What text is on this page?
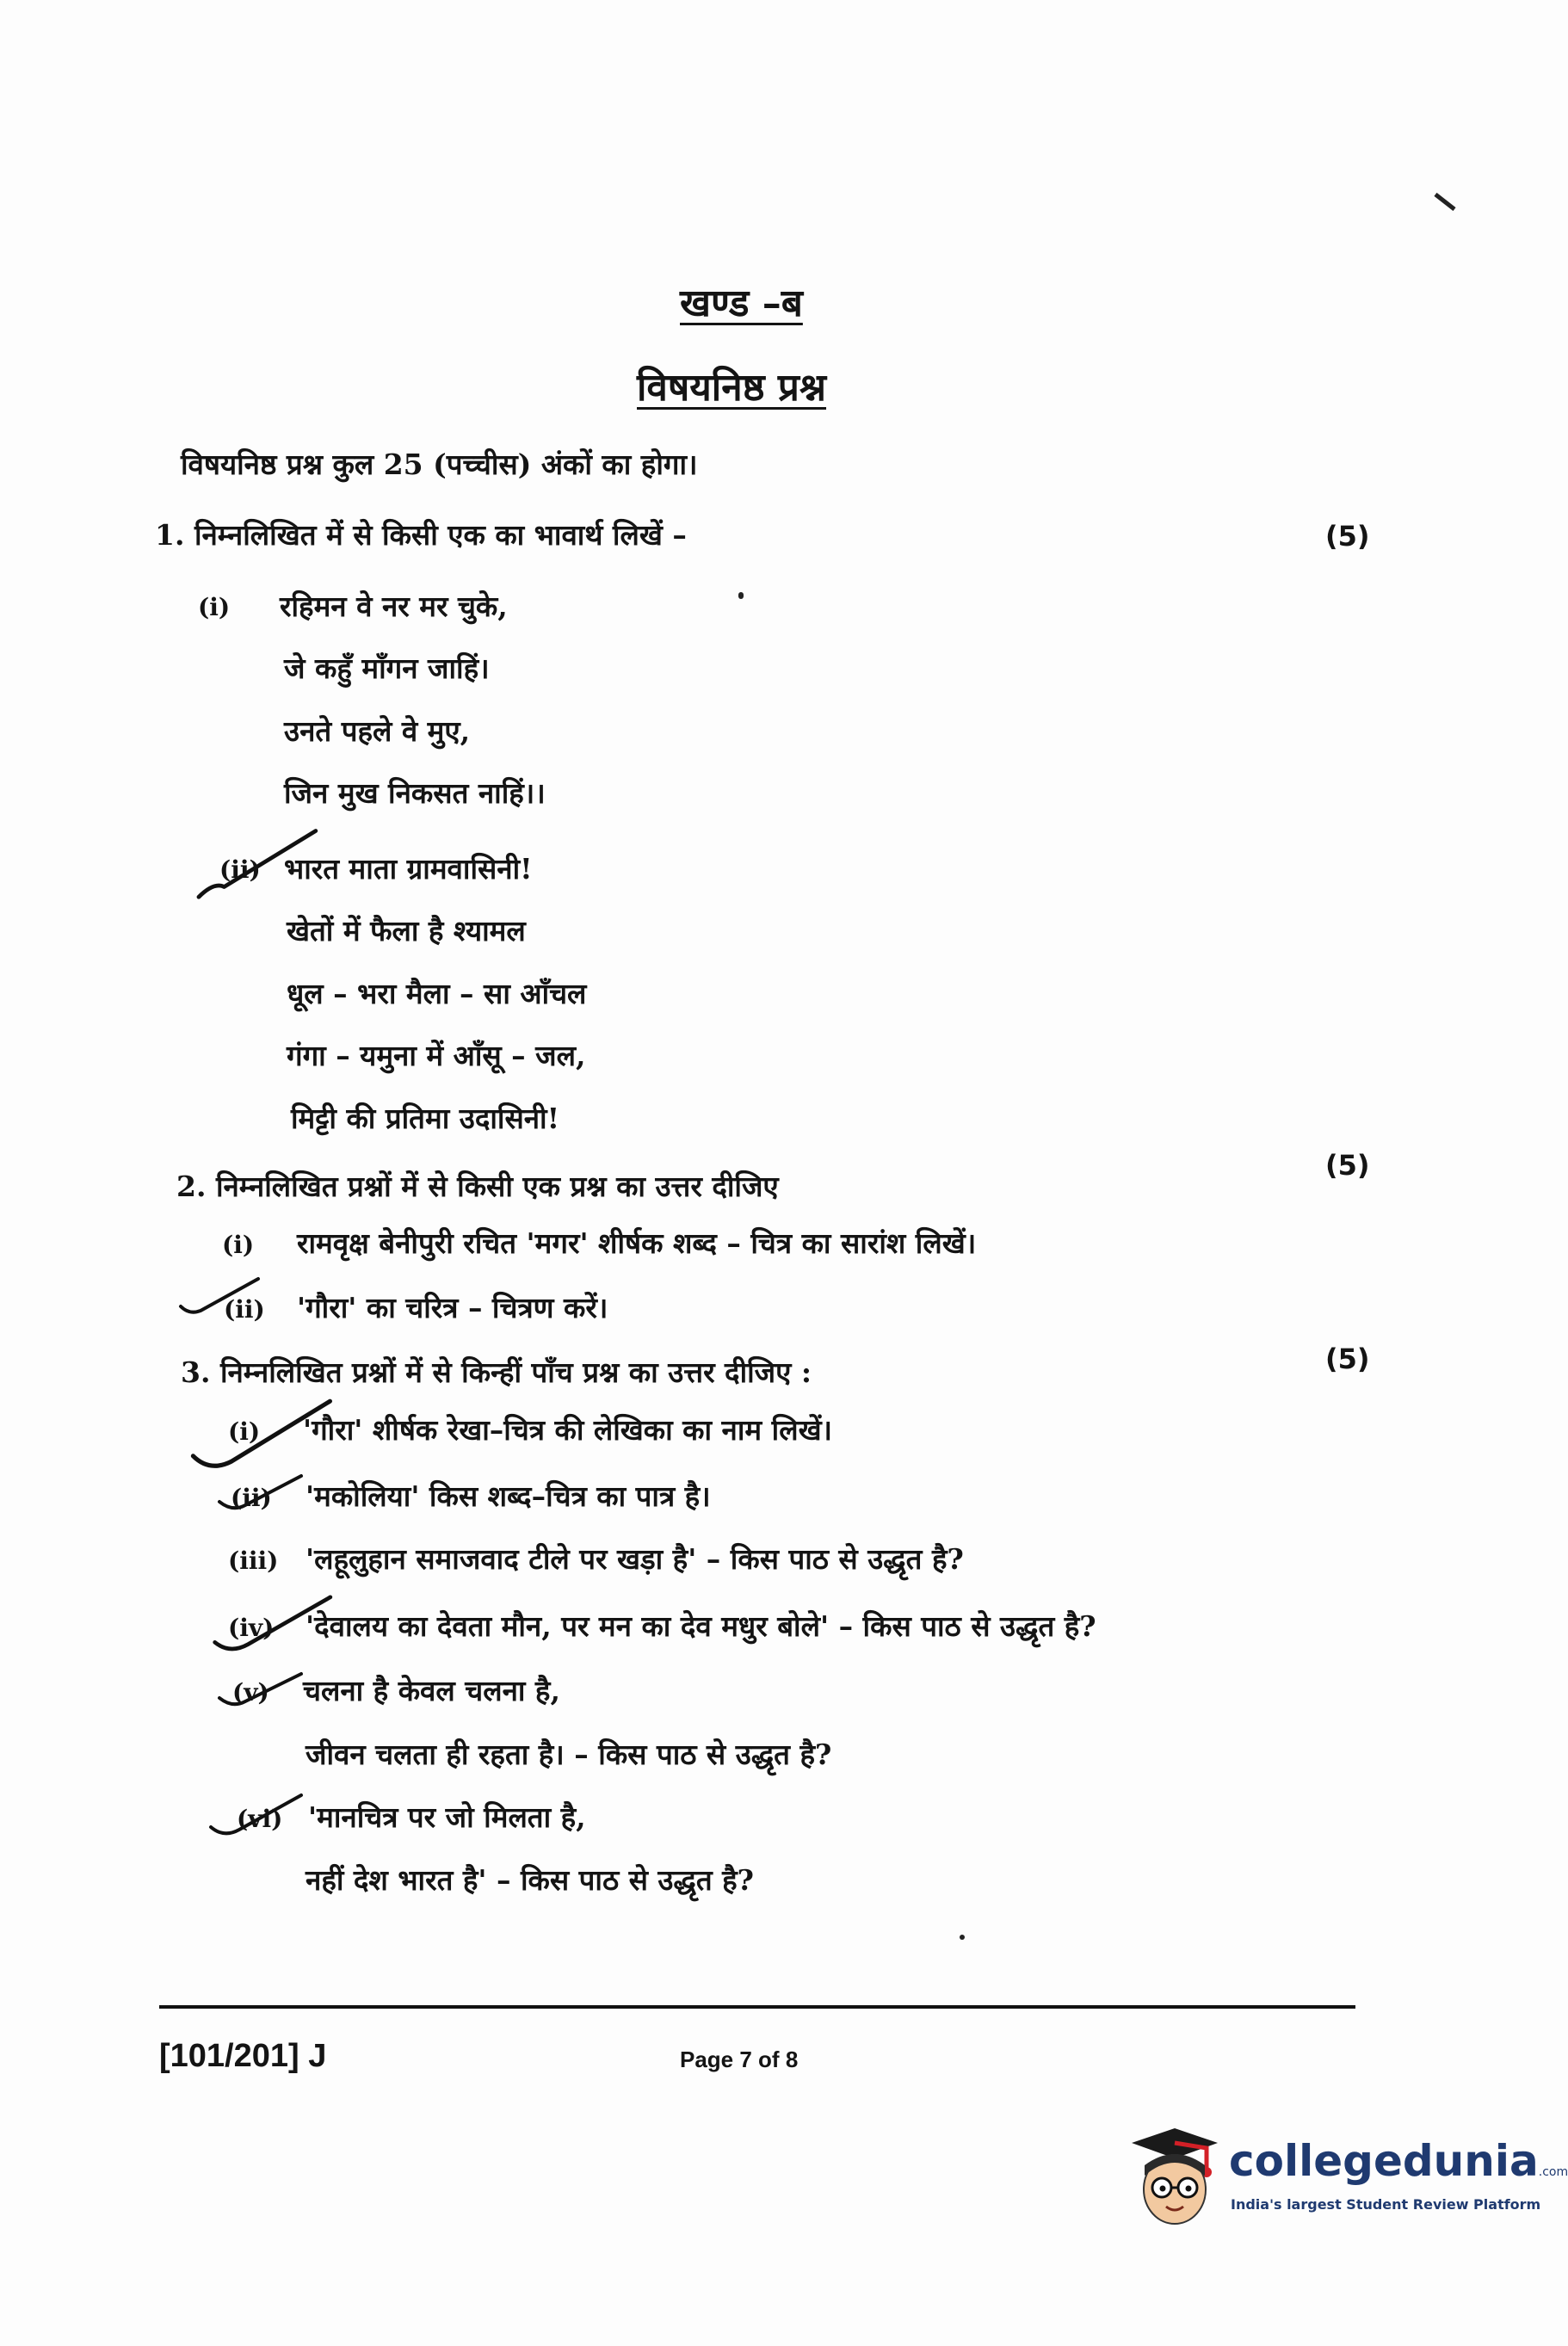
खण्ड –ब
विषयनिष्ठ प्रश्न
विषयनिष्ठ प्रश्न कुल 25 (पच्चीस) अंकों का होगा।
1. निम्नलिखित में से किसी एक का भावार्थ लिखें –	(5)
(i) रहिमन वे नर मर चुके,
जे कहुँ माँगन जाहिं।
उनते पहले वे मुए,
जिन मुख निकसत नाहिं।।
(ii) भारत माता ग्रामवासिनी!
खेतों में फैला है श्यामल
धूल – भरा मैला – सा आँचल
गंगा – यमुना में आँसू – जल,
मिट्टी की प्रतिमा उदासिनी!
2. निम्नलिखित प्रश्नों में से किसी एक प्रश्न का उत्तर दीजिए
(5)
(i) रामवृक्ष बेनीपुरी रचित 'मगर' शीर्षक शब्द – चित्र का सारांश लिखें।
(ii) 'गौरा' का चरित्र – चित्रण करें।
3. निम्नलिखित प्रश्नों में से किन्हीं पाँच प्रश्न का उत्तर दीजिए :	(5)
(i) 'गौरा' शीर्षक रेखा–चित्र की लेखिका का नाम लिखें।
(ii) 'मकोलिया' किस शब्द–चित्र का पात्र है।
(iii) 'लहूलुहान समाजवाद टीले पर खड़ा है' – किस पाठ से उद्धृत है?
(iv) 'देवालय का देवता मौन, पर मन का देव मधुर बोले' – किस पाठ से उद्धृत है?
(v) चलना है केवल चलना है,
जीवन चलता ही रहता है। – किस पाठ से उद्धृत है?
(vi) 'मानचित्र पर जो मिलता है,
नहीं देश भारत है' – किस पाठ से उद्धृत है?
[101/201] J	Page 7 of 8
collegedunia.com
India's largest Student Review Platform
